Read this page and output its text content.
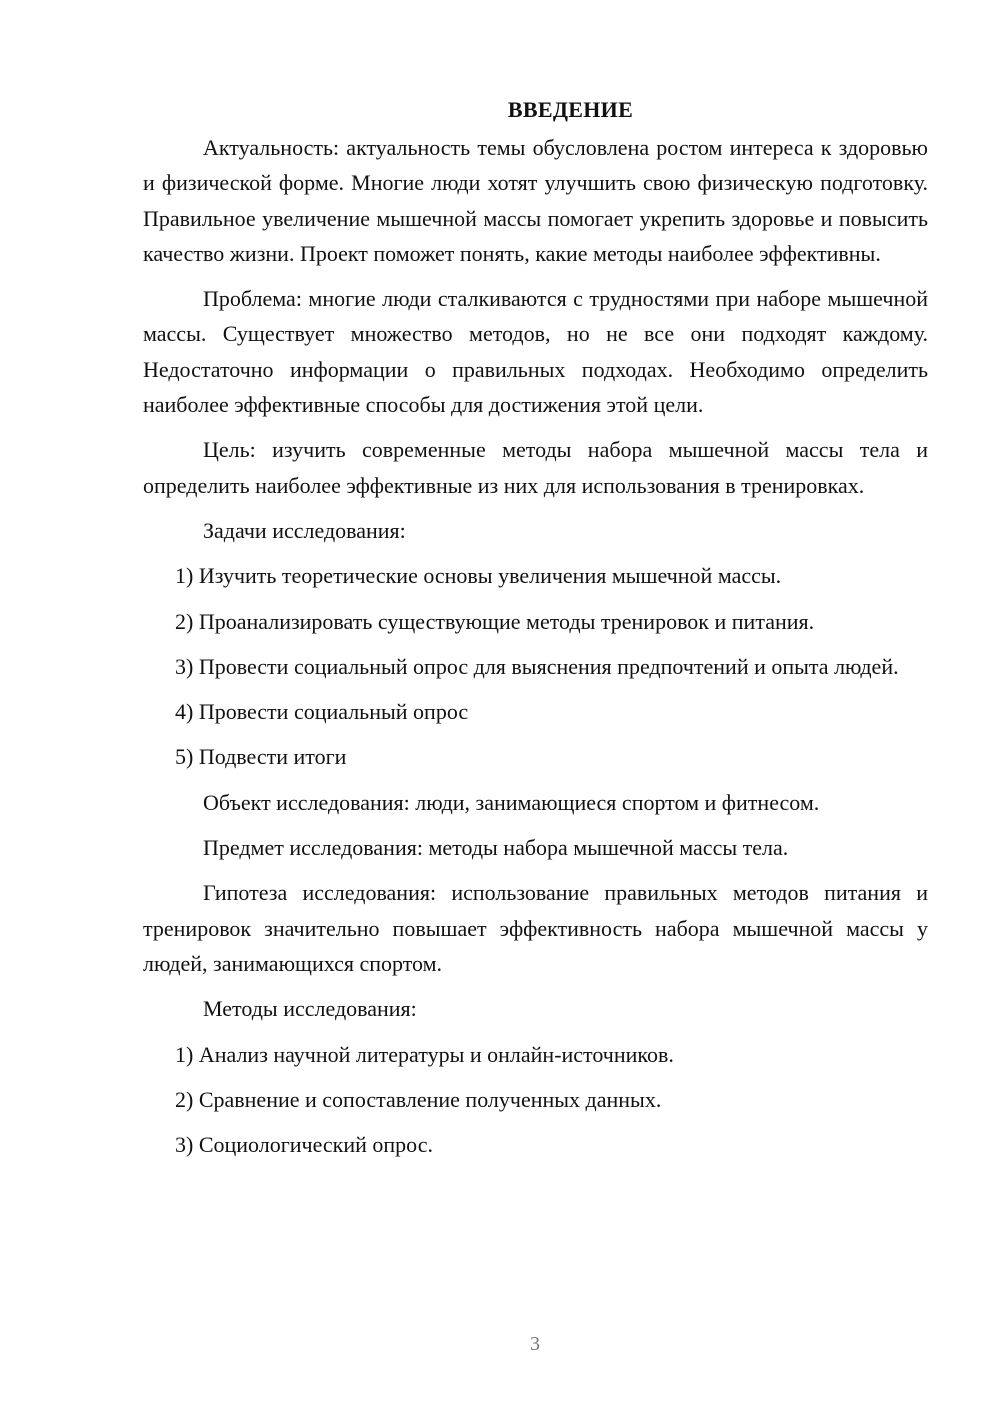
ВВЕДЕНИЕ

Актуальность: актуальность темы обусловлена ростом интереса к здоровью и физической форме. Многие люди хотят улучшить свою физическую подготовку. Правильное увеличение мышечной массы помогает укрепить здоровье и повысить качество жизни. Проект поможет понять, какие методы наиболее эффективны.

Проблема: многие люди сталкиваются с трудностями при наборе мышечной массы. Существует множество методов, но не все они подходят каждому. Недостаточно информации о правильных подходах. Необходимо определить наиболее эффективные способы для достижения этой цели.

Цель: изучить современные методы набора мышечной массы тела и определить наиболее эффективные из них для использования в тренировках.

Задачи исследования:

1) Изучить теоретические основы увеличения мышечной массы.

2) Проанализировать существующие методы тренировок и питания.

3) Провести социальный опрос для выяснения предпочтений и опыта людей.

4) Провести социальный опрос

5) Подвести итоги

Объект исследования: люди, занимающиеся спортом и фитнесом.

Предмет исследования: методы набора мышечной массы тела.

Гипотеза исследования: использование правильных методов питания и тренировок значительно повышает эффективность набора мышечной массы у людей, занимающихся спортом.

Методы исследования:

1) Анализ научной литературы и онлайн-источников.

2) Сравнение и сопоставление полученных данных.

3) Социологический опрос.

3
